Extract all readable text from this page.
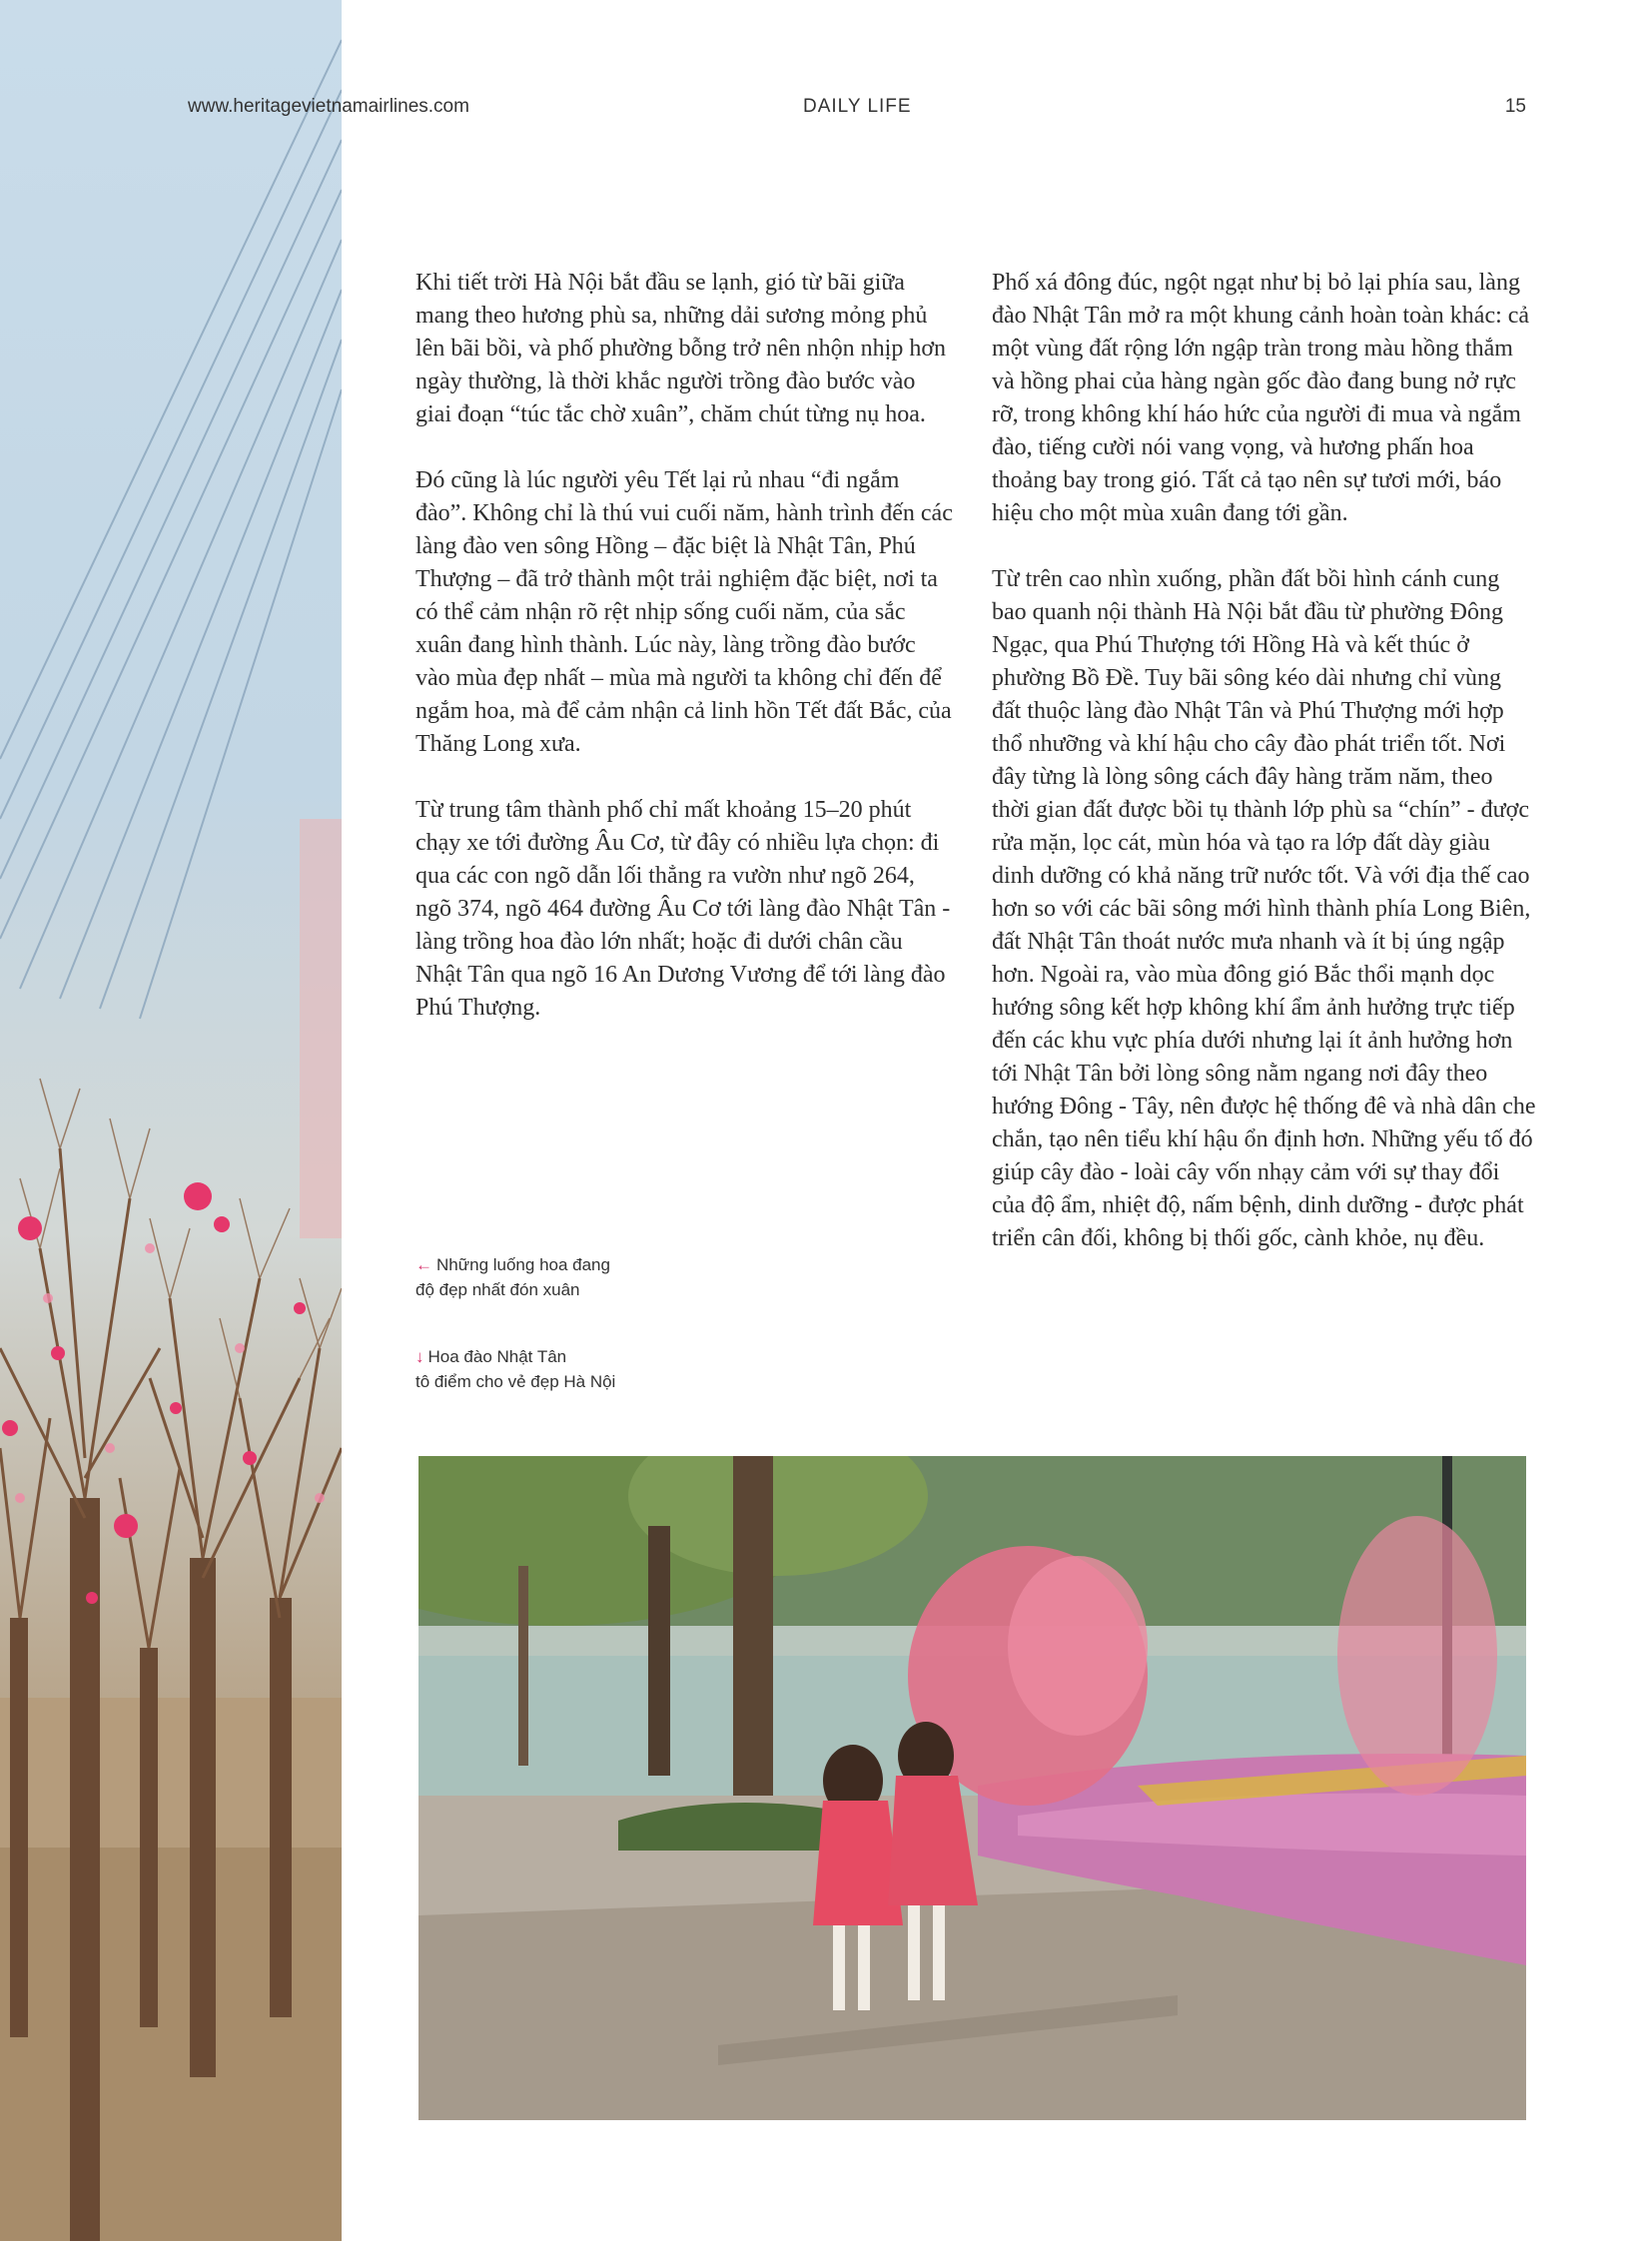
www.heritagevietnamairlines.com	DAILY LIFE	15

Khi tiết trời Hà Nội bắt đầu se lạnh, gió từ bãi giữa mang theo hương phù sa, những dải sương mỏng phủ lên bãi bồi, và phố phường bỗng trở nên nhộn nhịp hơn ngày thường, là thời khắc người trồng đào bước vào giai đoạn “túc tắc chờ xuân”, chăm chút từng nụ hoa.

Đó cũng là lúc người yêu Tết lại rủ nhau “đi ngắm đào”. Không chỉ là thú vui cuối năm, hành trình đến các làng đào ven sông Hồng – đặc biệt là Nhật Tân, Phú Thượng – đã trở thành một trải nghiệm đặc biệt, nơi ta có thể cảm nhận rõ rệt nhịp sống cuối năm, của sắc xuân đang hình thành. Lúc này, làng trồng đào bước vào mùa đẹp nhất – mùa mà người ta không chỉ đến để ngắm hoa, mà để cảm nhận cả linh hồn Tết đất Bắc, của Thăng Long xưa.

Từ trung tâm thành phố chỉ mất khoảng 15–20 phút chạy xe tới đường Âu Cơ, từ đây có nhiều lựa chọn: đi qua các con ngõ dẫn lối thẳng ra vườn như ngõ 264, ngõ 374, ngõ 464 đường Âu Cơ tới làng đào Nhật Tân - làng trồng hoa đào lớn nhất; hoặc đi dưới chân cầu Nhật Tân qua ngõ 16 An Dương Vương để tới làng đào Phú Thượng.

Phố xá đông đúc, ngột ngạt như bị bỏ lại phía sau, làng đào Nhật Tân mở ra một khung cảnh hoàn toàn khác: cả một vùng đất rộng lớn ngập tràn trong màu hồng thắm và hồng phai của hàng ngàn gốc đào đang bung nở rực rỡ, trong không khí háo hức của người đi mua và ngắm đào, tiếng cười nói vang vọng, và hương phấn hoa thoảng bay trong gió. Tất cả tạo nên sự tươi mới, báo hiệu cho một mùa xuân đang tới gần.

Từ trên cao nhìn xuống, phần đất bồi hình cánh cung bao quanh nội thành Hà Nội bắt đầu từ phường Đông Ngạc, qua Phú Thượng tới Hồng Hà và kết thúc ở phường Bồ Đề. Tuy bãi sông kéo dài nhưng chỉ vùng đất thuộc làng đào Nhật Tân và Phú Thượng mới hợp thổ nhưỡng và khí hậu cho cây đào phát triển tốt. Nơi đây từng là lòng sông cách đây hàng trăm năm, theo thời gian đất được bồi tụ thành lớp phù sa “chín” - được rửa mặn, lọc cát, mùn hóa và tạo ra lớp đất dày giàu dinh dưỡng có khả năng trữ nước tốt. Và với địa thế cao hơn so với các bãi sông mới hình thành phía Long Biên, đất Nhật Tân thoát nước mưa nhanh và ít bị úng ngập hơn. Ngoài ra, vào mùa đông gió Bắc thổi mạnh dọc hướng sông kết hợp không khí ẩm ảnh hưởng trực tiếp đến các khu vực phía dưới nhưng lại ít ảnh hưởng hơn tới Nhật Tân bởi lòng sông nằm ngang nơi đây theo hướng Đông - Tây, nên được hệ thống đê và nhà dân che chắn, tạo nên tiểu khí hậu ổn định hơn. Những yếu tố đó giúp cây đào - loài cây vốn nhạy cảm với sự thay đổi của độ ẩm, nhiệt độ, nấm bệnh, dinh dưỡng - được phát triển cân đối, không bị thối gốc, cành khỏe, nụ đều.

← Những luống hoa đang
độ đẹp nhất đón xuân
↓ Hoa đào Nhật Tân
tô điểm cho vẻ đẹp Hà Nội
